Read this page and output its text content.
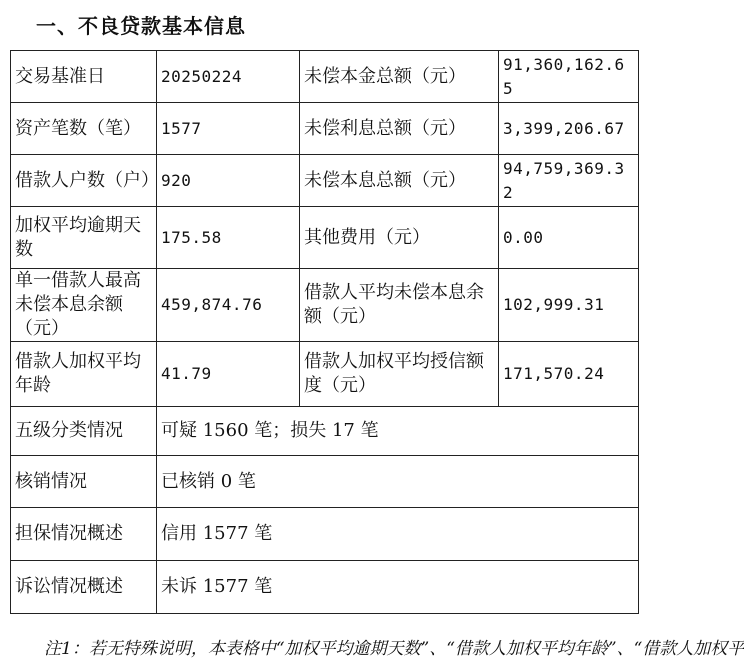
一、不良贷款基本信息
交易基准日	20250224	未偿本金总额（元）	91,360,162.65
资产笔数（笔）	1577	未偿利息总额（元）	3,399,206.67
借款人户数（户）	920	未偿本息总额（元）	94,759,369.32
加权平均逾期天数	175.58	其他费用（元）	0.00
单一借款人最高未偿本息余额（元）	459,874.76	借款人平均未偿本息余额（元）	102,999.31
借款人加权平均年龄	41.79	借款人加权平均授信额度（元）	171,570.24
五级分类情况	可疑 1560 笔；损失 17 笔		
核销情况	已核销 0 笔		
担保情况概述	信用 1577 笔		
诉讼情况概述	未诉 1577 笔		
注1：若无特殊说明，本表格中“加权平均逾期天数”、“借款人加权平均年龄”、“借款人加权平
